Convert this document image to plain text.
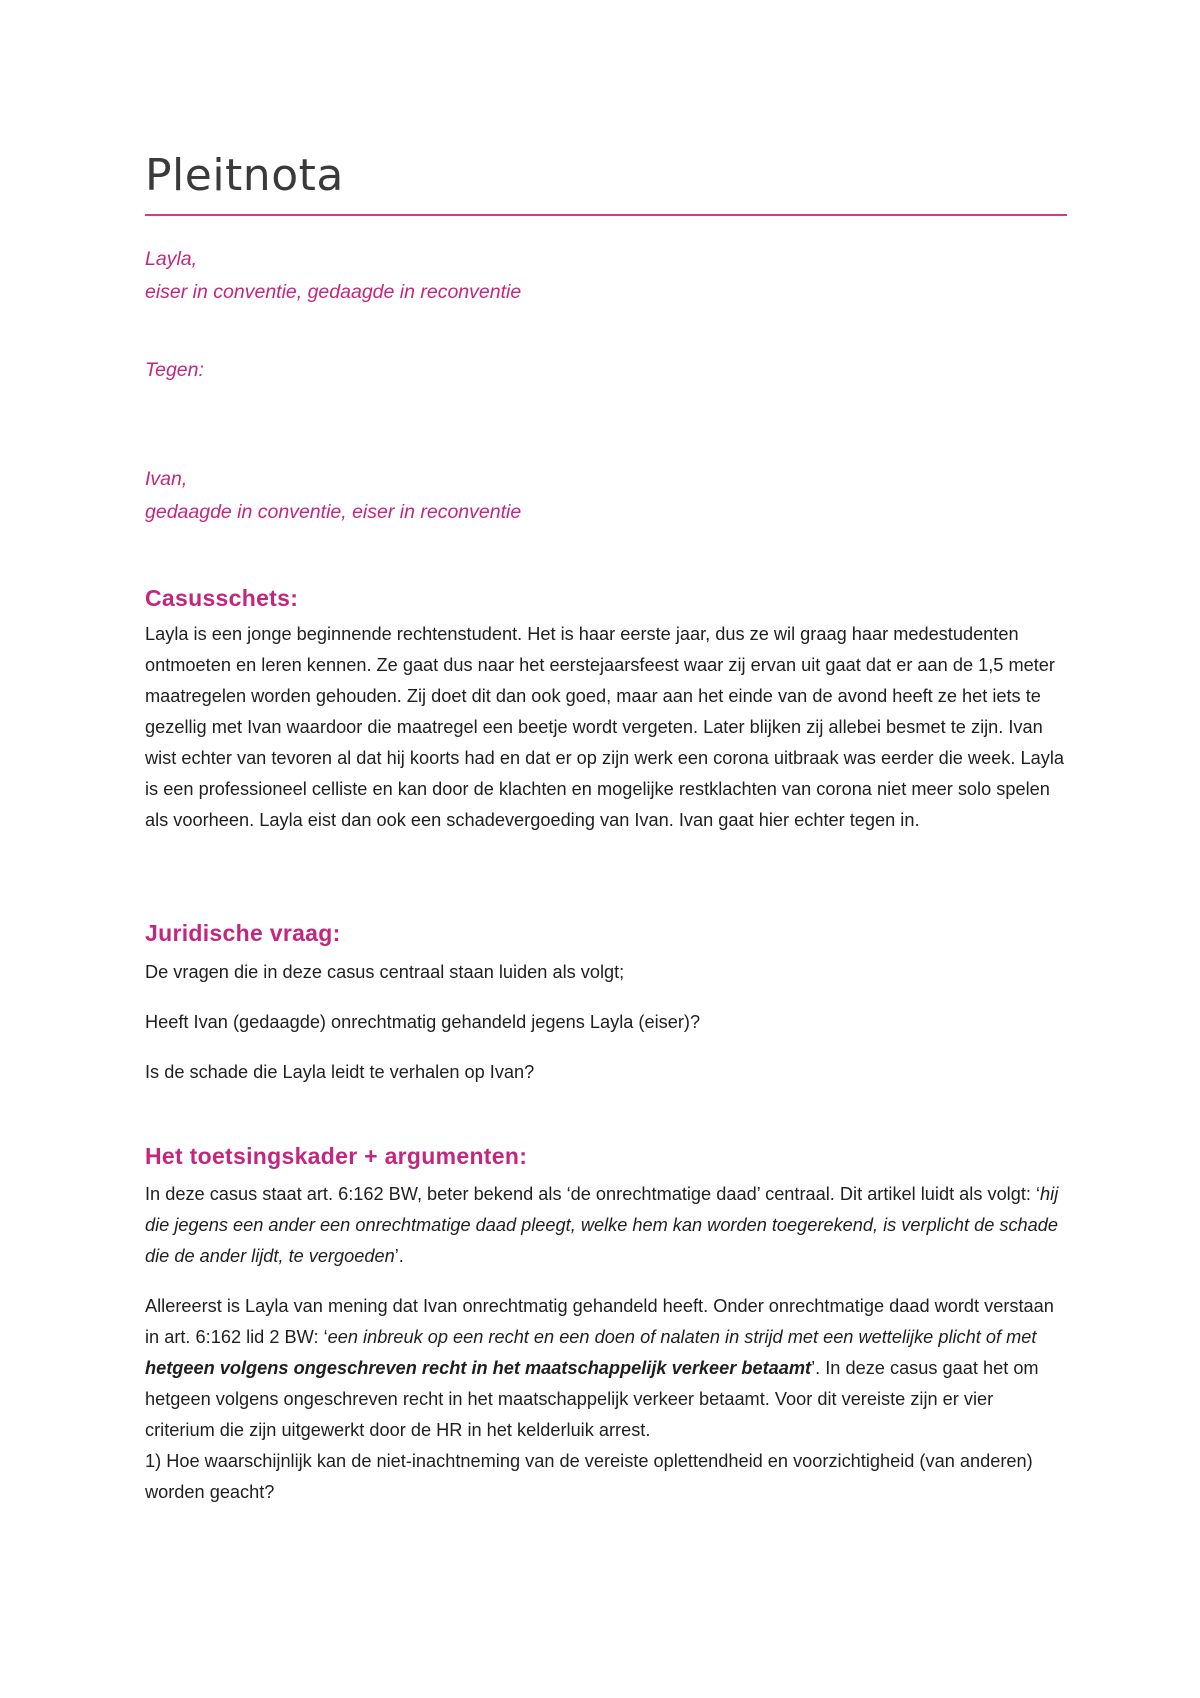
Pleitnota

Layla,

eiser in conventie, gedaagde in reconventie

Tegen:

Ivan,

gedaagde in conventie, eiser in reconventie

Casusschets:

Layla is een jonge beginnende rechtenstudent. Het is haar eerste jaar, dus ze wil graag haar medestudenten ontmoeten en leren kennen. Ze gaat dus naar het eerstejaarsfeest waar zij ervan uit gaat dat er aan de 1,5 meter maatregelen worden gehouden. Zij doet dit dan ook goed, maar aan het einde van de avond heeft ze het iets te gezellig met Ivan waardoor die maatregel een beetje wordt vergeten. Later blijken zij allebei besmet te zijn. Ivan wist echter van tevoren al dat hij koorts had en dat er op zijn werk een corona uitbraak was eerder die week. Layla is een professioneel celliste en kan door de klachten en mogelijke restklachten van corona niet meer solo spelen als voorheen. Layla eist dan ook een schadevergoeding van Ivan. Ivan gaat hier echter tegen in.

Juridische vraag:

De vragen die in deze casus centraal staan luiden als volgt;

Heeft Ivan (gedaagde) onrechtmatig gehandeld jegens Layla (eiser)?

Is de schade die Layla leidt te verhalen op Ivan?

Het toetsingskader + argumenten:

In deze casus staat art. 6:162 BW, beter bekend als ‘de onrechtmatige daad’ centraal. Dit artikel luidt als volgt: ‘hij die jegens een ander een onrechtmatige daad pleegt, welke hem kan worden toegerekend, is verplicht de schade die de ander lijdt, te vergoeden’.

Allereerst is Layla van mening dat Ivan onrechtmatig gehandeld heeft. Onder onrechtmatige daad wordt verstaan in art. 6:162 lid 2 BW: ‘een inbreuk op een recht en een doen of nalaten in strijd met een wettelijke plicht of met hetgeen volgens ongeschreven recht in het maatschappelijk verkeer betaamt’. In deze casus gaat het om hetgeen volgens ongeschreven recht in het maatschappelijk verkeer betaamt. Voor dit vereiste zijn er vier criterium die zijn uitgewerkt door de HR in het kelderluik arrest.

1) Hoe waarschijnlijk kan de niet-inachtneming van de vereiste oplettendheid en voorzichtigheid (van anderen) worden geacht?
